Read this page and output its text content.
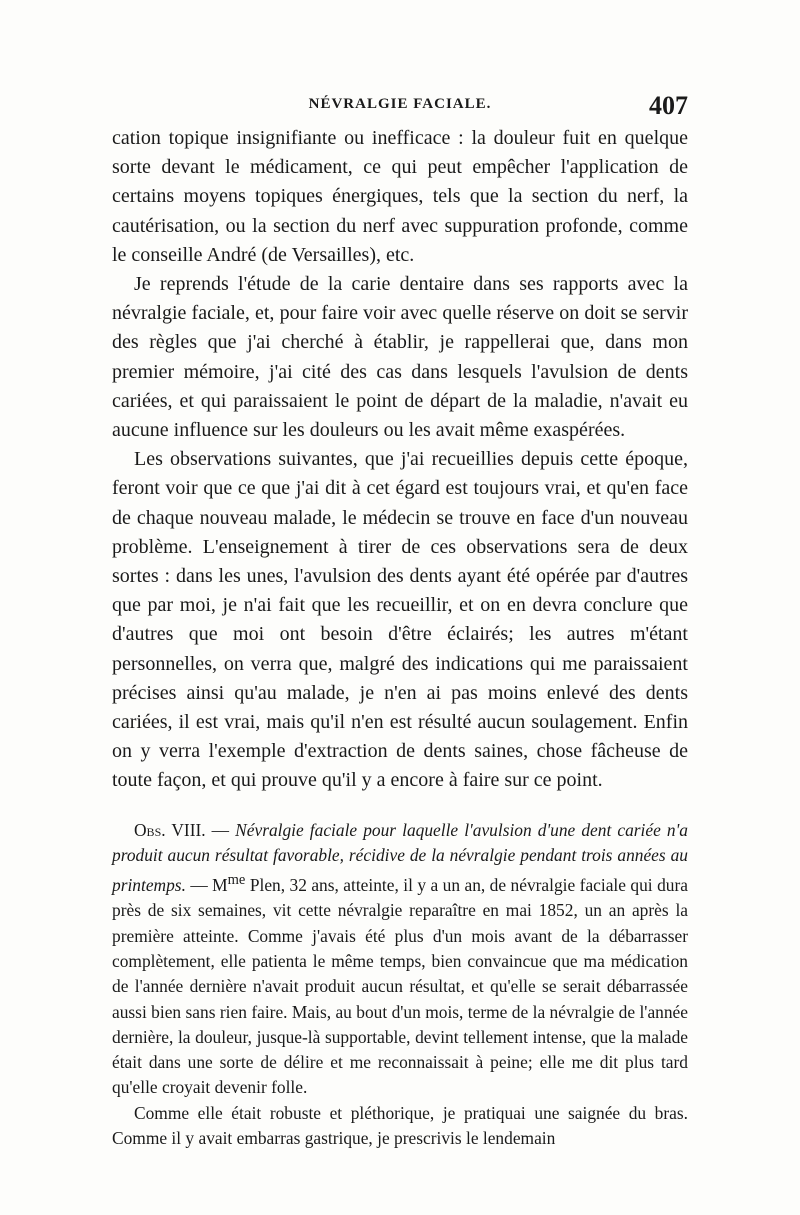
NÉVRALGIE FACIALE.	407

cation topique insignifiante ou inefficace : la douleur fuit en quelque sorte devant le médicament, ce qui peut empêcher l'application de certains moyens topiques énergiques, tels que la section du nerf, la cautérisation, ou la section du nerf avec suppuration profonde, comme le conseille André (de Versailles), etc.

Je reprends l'étude de la carie dentaire dans ses rapports avec la névralgie faciale, et, pour faire voir avec quelle réserve on doit se servir des règles que j'ai cherché à établir, je rappellerai que, dans mon premier mémoire, j'ai cité des cas dans lesquels l'avulsion de dents cariées, et qui paraissaient le point de départ de la maladie, n'avait eu aucune influence sur les douleurs ou les avait même exaspérées.

Les observations suivantes, que j'ai recueillies depuis cette époque, feront voir que ce que j'ai dit à cet égard est toujours vrai, et qu'en face de chaque nouveau malade, le médecin se trouve en face d'un nouveau problème. L'enseignement à tirer de ces observations sera de deux sortes : dans les unes, l'avulsion des dents ayant été opérée par d'autres que par moi, je n'ai fait que les recueillir, et on en devra conclure que d'autres que moi ont besoin d'être éclairés; les autres m'étant personnelles, on verra que, malgré des indications qui me paraissaient précises ainsi qu'au malade, je n'en ai pas moins enlevé des dents cariées, il est vrai, mais qu'il n'en est résulté aucun soulagement. Enfin on y verra l'exemple d'extraction de dents saines, chose fâcheuse de toute façon, et qui prouve qu'il y a encore à faire sur ce point.

Obs. VIII. — Névralgie faciale pour laquelle l'avulsion d'une dent cariée n'a produit aucun résultat favorable, récidive de la névralgie pendant trois années au printemps. — $M^{me}$ Plen, 32 ans, atteinte, il y a un an, de névralgie faciale qui dura près de six semaines, vit cette névralgie reparaître en mai 1852, un an après la première atteinte. Comme j'avais été plus d'un mois avant de la débarrasser complètement, elle patienta le même temps, bien convaincue que ma médication de l'année dernière n'avait produit aucun résultat, et qu'elle se serait débarrassée aussi bien sans rien faire. Mais, au bout d'un mois, terme de la névralgie de l'année dernière, la douleur, jusque-là supportable, devint tellement intense, que la malade était dans une sorte de délire et me reconnaissait à peine; elle me dit plus tard qu'elle croyait devenir folle.

Comme elle était robuste et pléthorique, je pratiquai une saignée du bras. Comme il y avait embarras gastrique, je prescrivis le lendemain
